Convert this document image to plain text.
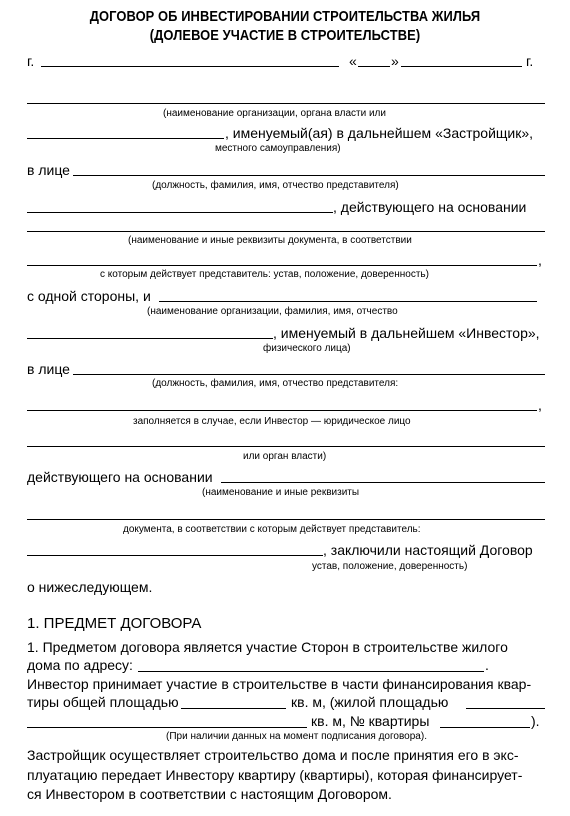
ДОГОВОР ОБ ИНВЕСТИРОВАНИИ СТРОИТЕЛЬСТВА ЖИЛЬЯ
(ДОЛЕВОЕ УЧАСТИЕ В СТРОИТЕЛЬСТВЕ)
г.	« »	г.
(наименование организации, органа власти или
, именуемый(ая) в дальнейшем «Застройщик»,
местного самоуправления)
в лице
(должность, фамилия, имя, отчество представителя)
, действующего на основании
(наименование и иные реквизиты документа, в соответствии
,
с которым действует представитель: устав, положение, доверенность)
с одной стороны, и
(наименование организации, фамилия, имя, отчество
, именуемый в дальнейшем «Инвестор»,
физического лица)
в лице
(должность, фамилия, имя, отчество представителя:
,
заполняется в случае, если Инвестор — юридическое лицо
или орган власти)
действующего на основании
(наименование и иные реквизиты
документа, в соответствии с которым действует представитель:
, заключили настоящий Договор
устав, положение, доверенность)
о нижеследующем.
1. ПРЕДМЕТ ДОГОВОРА
1. Предметом договора является участие Сторон в строительстве жилого
дома по адресу:	.
Инвестор принимает участие в строительстве в части финансирования квар-
тиры общей площадью	кв. м, (жилой площадью
кв. м, № квартиры	).
(При наличии данных на момент подписания договора).
Застройщик осуществляет строительство дома и после принятия его в экс-
плуатацию передает Инвестору квартиру (квартиры), которая финансирует-
ся Инвестором в соответствии с настоящим Договором.
